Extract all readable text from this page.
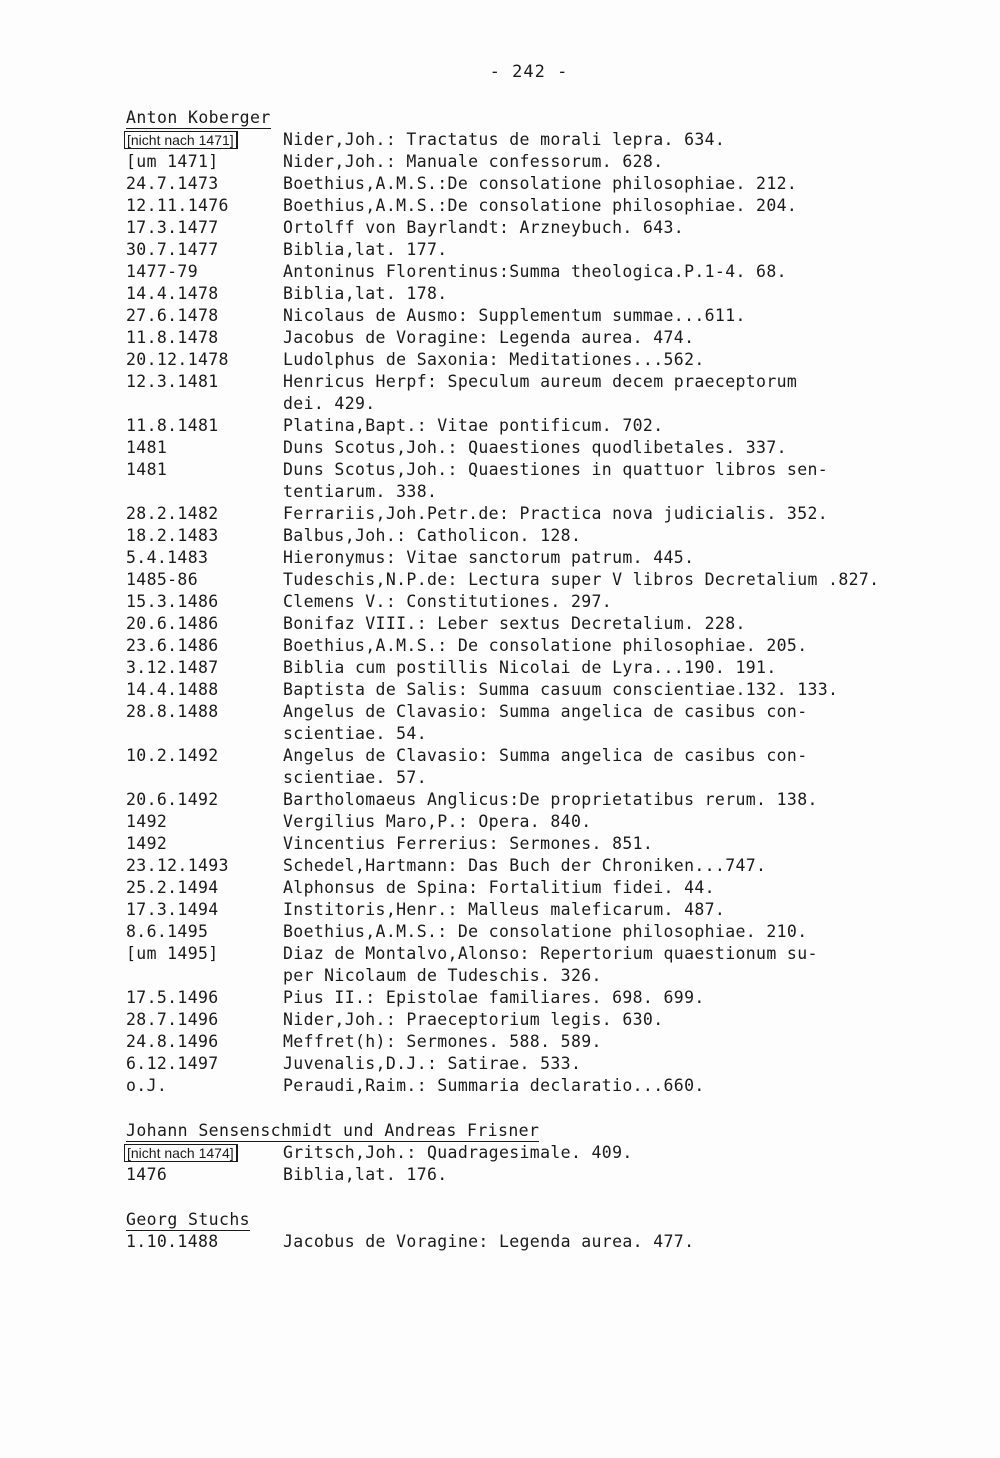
- 242 -
Anton Koberger
[nicht nach 1471]	Nider,Joh.: Tractatus de morali lepra. 634.
[um 1471]	Nider,Joh.: Manuale confessorum. 628.
24.7.1473	Boethius,A.M.S.:De consolatione philosophiae. 212.
12.11.1476	Boethius,A.M.S.:De consolatione philosophiae. 204.
17.3.1477	Ortolff von Bayrlandt: Arzneybuch. 643.
30.7.1477	Biblia,lat. 177.
1477-79	Antoninus Florentinus:Summa theologica.P.1-4. 68.
14.4.1478	Biblia,lat. 178.
27.6.1478	Nicolaus de Ausmo: Supplementum summae...611.
11.8.1478	Jacobus de Voragine: Legenda aurea. 474.
20.12.1478	Ludolphus de Saxonia: Meditationes...562.
12.3.1481	Henricus Herpf: Speculum aureum decem praeceptorum
dei. 429.
11.8.1481	Platina,Bapt.: Vitae pontificum. 702.
1481	Duns Scotus,Joh.: Quaestiones quodlibetales. 337.
1481	Duns Scotus,Joh.: Quaestiones in quattuor libros sen-
tentiarum. 338.
28.2.1482	Ferrariis,Joh.Petr.de: Practica nova judicialis. 352.
18.2.1483	Balbus,Joh.: Catholicon. 128.
5.4.1483	Hieronymus: Vitae sanctorum patrum. 445.
1485-86	Tudeschis,N.P.de: Lectura super V libros Decretalium .827.
15.3.1486	Clemens V.: Constitutiones. 297.
20.6.1486	Bonifaz VIII.: Leber sextus Decretalium. 228.
23.6.1486	Boethius,A.M.S.: De consolatione philosophiae. 205.
3.12.1487	Biblia cum postillis Nicolai de Lyra...190. 191.
14.4.1488	Baptista de Salis: Summa casuum conscientiae.132. 133.
28.8.1488	Angelus de Clavasio: Summa angelica de casibus con-
scientiae. 54.
10.2.1492	Angelus de Clavasio: Summa angelica de casibus con-
scientiae. 57.
20.6.1492	Bartholomaeus Anglicus:De proprietatibus rerum. 138.
1492	Vergilius Maro,P.: Opera. 840.
1492	Vincentius Ferrerius: Sermones. 851.
23.12.1493	Schedel,Hartmann: Das Buch der Chroniken...747.
25.2.1494	Alphonsus de Spina: Fortalitium fidei. 44.
17.3.1494	Institoris,Henr.: Malleus maleficarum. 487.
8.6.1495	Boethius,A.M.S.: De consolatione philosophiae. 210.
[um 1495]	Diaz de Montalvo,Alonso: Repertorium quaestionum su-
per Nicolaum de Tudeschis. 326.
17.5.1496	Pius II.: Epistolae familiares. 698. 699.
28.7.1496	Nider,Joh.: Praeceptorium legis. 630.
24.8.1496	Meffret(h): Sermones. 588. 589.
6.12.1497	Juvenalis,D.J.: Satirae. 533.
o.J.	Peraudi,Raim.: Summaria declaratio...660.
Johann Sensenschmidt und Andreas Frisner
[nicht nach 1474]	Gritsch,Joh.: Quadragesimale. 409.
1476	Biblia,lat. 176.
Georg Stuchs
1.10.1488	Jacobus de Voragine: Legenda aurea. 477.
